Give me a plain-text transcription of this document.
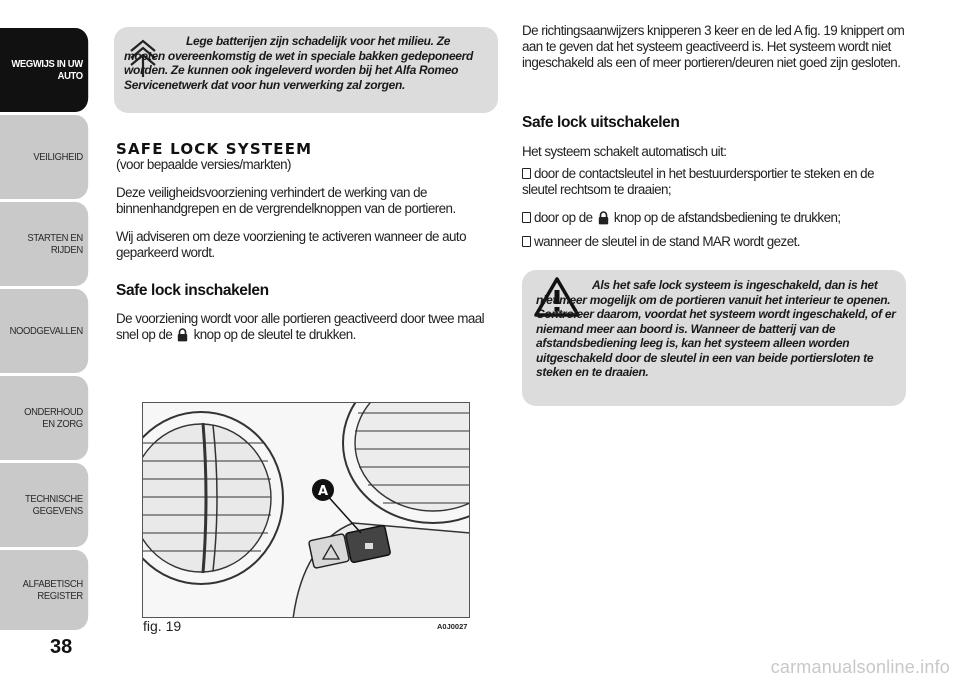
WEGWIJS IN UW AUTO
VEILIGHEID
STARTEN EN RIJDEN
NOODGEVALLEN
ONDERHOUD EN ZORG
TECHNISCHE GEGEVENS
ALFABETISCH REGISTER
38

Lege batterijen zijn schadelijk voor het milieu. Ze moeten overeenkomstig de wet in speciale bakken gedeponeerd worden. Ze kunnen ook ingeleverd worden bij het Alfa Romeo Servicenetwerk dat voor hun verwerking zal zorgen.

SAFE LOCK SYSTEEM
(voor bepaalde versies/markten)

Deze veiligheidsvoorziening verhindert de werking van de binnenhandgrepen en de vergrendelknoppen van de portieren.

Wij adviseren om deze voorziening te activeren wanneer de auto geparkeerd wordt.

Safe lock inschakelen

De voorziening wordt voor alle portieren geactiveerd door twee maal snel op de knop op de sleutel te drukken.

A
fig. 19	A0J0027

De richtingsaanwijzers knipperen 3 keer en de led A fig. 19 knippert om aan te geven dat het systeem geactiveerd is. Het systeem wordt niet ingeschakeld als een of meer portieren/deuren niet goed zijn gesloten.

Safe lock uitschakelen

Het systeem schakelt automatisch uit:

door de contactsleutel in het bestuurdersportier te steken en de sleutel rechtsom te draaien;
door op de knop op de afstandsbediening te drukken;
wanneer de sleutel in de stand MAR wordt gezet.

Als het safe lock systeem is ingeschakeld, dan is het niet meer mogelijk om de portieren vanuit het interieur te openen. Controleer daarom, voordat het systeem wordt ingeschakeld, of er niemand meer aan boord is. Wanneer de batterij van de afstandsbediening leeg is, kan het systeem alleen worden uitgeschakeld door de sleutel in een van beide portiersloten te steken en te draaien.

carmanualsonline.info
